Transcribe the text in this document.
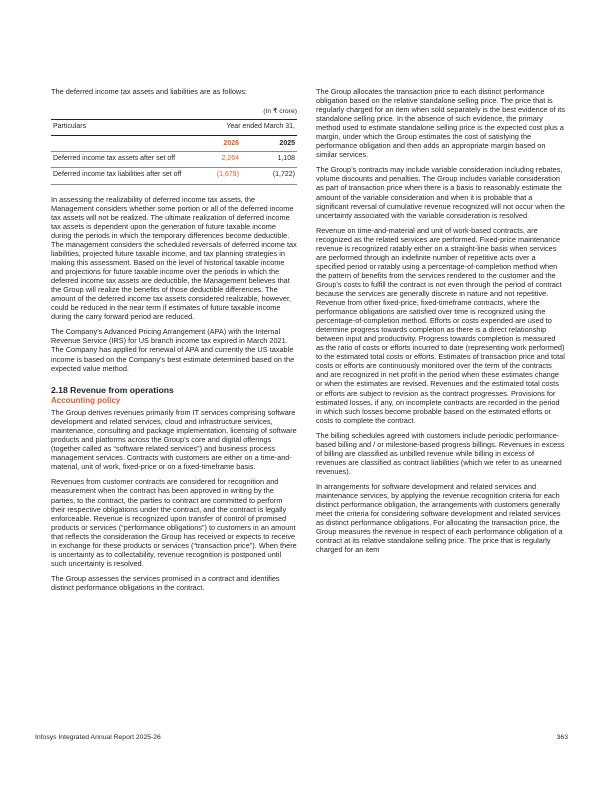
The deferred income tax assets and liabilities are as follows:

(In ₹ crore)
Particulars	Year ended March 31,	
	2026	2025
Deferred income tax assets after set off	2,264	1,108
Deferred income tax liabilities after set off	(1,679)	(1,722)

In assessing the realizability of deferred income tax assets, the Management considers whether some portion or all of the deferred income tax assets will not be realized. The ultimate realization of deferred income tax assets is dependent upon the generation of future taxable income during the periods in which the temporary differences become deductible. The management considers the scheduled reversals of deferred income tax liabilities, projected future taxable income, and tax planning strategies in making this assessment. Based on the level of historical taxable income and projections for future taxable income over the periods in which the deferred income tax assets are deductible, the Management believes that the Group will realize the benefits of those deductible differences. The amount of the deferred income tax assets considered realizable, however, could be reduced in the near term if estimates of future taxable income during the carry forward period are reduced.

The Company’s Advanced Pricing Arrangement (APA) with the Internal Revenue Service (IRS) for US branch income tax expired in March 2021. The Company has applied for renewal of APA and currently the US taxable income is based on the Company’s best estimate determined based on the expected value method.

2.18 Revenue from operations
Accounting policy

The Group derives revenues primarily from IT services comprising software development and related services, cloud and infrastructure services, maintenance, consulting and package implementation, licensing of software products and platforms across the Group’s core and digital offerings (together called as “software related services”) and business process management services. Contracts with customers are either on a time-and-material, unit of work, fixed-price or on a fixed-timeframe basis.

Revenues from customer contracts are considered for recognition and measurement when the contract has been approved in writing by the parties, to the contract, the parties to contract are committed to perform their respective obligations under the contract, and the contract is legally enforceable. Revenue is recognized upon transfer of control of promised products or services (“performance obligations”) to customers in an amount that reflects the consideration the Group has received or expects to receive in exchange for these products or services (“transaction price”). When there is uncertainty as to collectability, revenue recognition is postponed until such uncertainty is resolved.

The Group assesses the services promised in a contract and identifies distinct performance obligations in the contract.

The Group allocates the transaction price to each distinct performance obligation based on the relative standalone selling price. The price that is regularly charged for an item when sold separately is the best evidence of its standalone selling price. In the absence of such evidence, the primary method used to estimate standalone selling price is the expected cost plus a margin, under which the Group estimates the cost of satisfying the performance obligation and then adds an appropriate margin based on similar services.

The Group’s contracts may include variable consideration including rebates, volume discounts and penalties. The Group includes variable consideration as part of transaction price when there is a basis to reasonably estimate the amount of the variable consideration and when it is probable that a significant reversal of cumulative revenue recognized will not occur when the uncertainty associated with the variable consideration is resolved.

Revenue on time-and-material and unit of work-based contracts, are recognized as the related services are performed. Fixed-price maintenance revenue is recognized ratably either on a straight-line basis when services are performed through an indefinite number of repetitive acts over a specified period or ratably using a percentage-of-completion method when the pattern of benefits from the services rendered to the customer and the Group’s costs to fulfill the contract is not even through the period of contract because the services are generally discrete in nature and not repetitive. Revenue from other fixed-price, fixed-timeframe contracts, where the performance obligations are satisfied over time is recognized using the percentage-of-completion method. Efforts or costs expended are used to determine progress towards completion as there is a direct relationship between input and productivity. Progress towards completion is measured as the ratio of costs or efforts incurred to date (representing work performed) to the estimated total costs or efforts. Estimates of transaction price and total costs or efforts are continuously monitored over the term of the contracts and are recognized in net profit in the period when these estimates change or when the estimates are revised. Revenues and the estimated total costs or efforts are subject to revision as the contract progresses. Provisions for estimated losses, if any, on incomplete contracts are recorded in the period in which such losses become probable based on the estimated efforts or costs to complete the contract.

The billing schedules agreed with customers include periodic performance-based billing and / or milestone-based progress billings. Revenues in excess of billing are classified as unbilled revenue while billing in excess of revenues are classified as contract liabilities (which we refer to as unearned revenues).

In arrangements for software development and related services and maintenance services, by applying the revenue recognition criteria for each distinct performance obligation, the arrangements with customers generally meet the criteria for considering software development and related services as distinct performance obligations. For allocating the transaction price, the Group measures the revenue in respect of each performance obligation of a contract at its relative standalone selling price. The price that is regularly charged for an item

Infosys Integrated Annual Report 2025-26	363
